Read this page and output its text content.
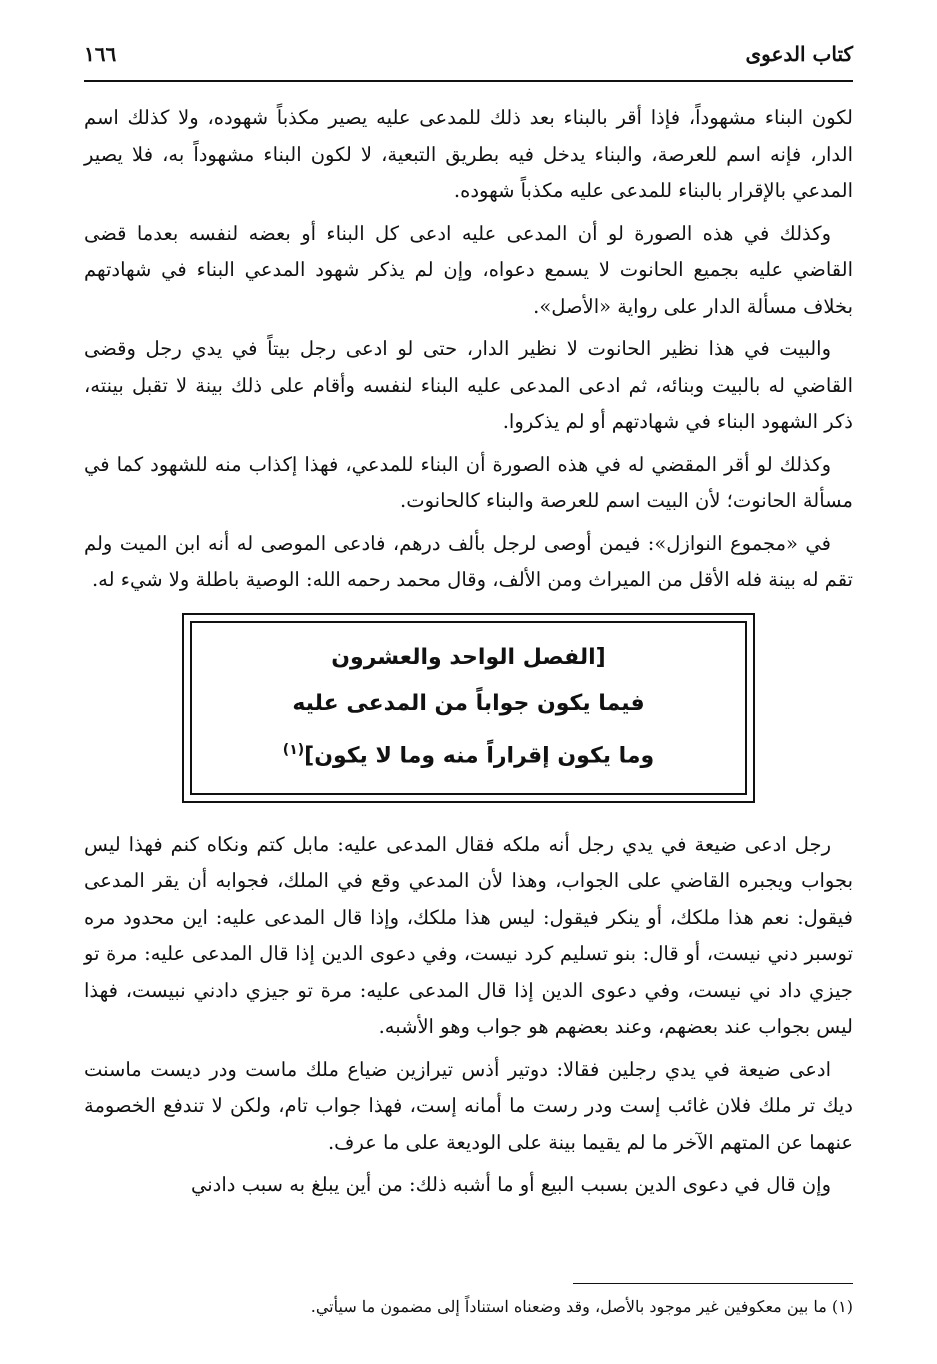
كتاب الدعوى
١٦٦

لكون البناء مشهوداً، فإذا أقر بالبناء بعد ذلك للمدعى عليه يصير مكذباً شهوده، ولا كذلك اسم الدار، فإنه اسم للعرصة، والبناء يدخل فيه بطريق التبعية، لا لكون البناء مشهوداً به، فلا يصير المدعي بالإقرار بالبناء للمدعى عليه مكذباً شهوده.

وكذلك في هذه الصورة لو أن المدعى عليه ادعى كل البناء أو بعضه لنفسه بعدما قضى القاضي عليه بجميع الحانوت لا يسمع دعواه، وإن لم يذكر شهود المدعي البناء في شهادتهم بخلاف مسألة الدار على رواية «الأصل».

والبيت في هذا نظير الحانوت لا نظير الدار، حتى لو ادعى رجل بيتاً في يدي رجل وقضى القاضي له بالبيت وبنائه، ثم ادعى المدعى عليه البناء لنفسه وأقام على ذلك بينة لا تقبل بينته، ذكر الشهود البناء في شهادتهم أو لم يذكروا.

وكذلك لو أقر المقضي له في هذه الصورة أن البناء للمدعي، فهذا إكذاب منه للشهود كما في مسألة الحانوت؛ لأن البيت اسم للعرصة والبناء كالحانوت.

في «مجموع النوازل»: فيمن أوصى لرجل بألف درهم، فادعى الموصى له أنه ابن الميت ولم تقم له بينة فله الأقل من الميراث ومن الألف، وقال محمد رحمه الله: الوصية باطلة ولا شيء له.

[الفصل الواحد والعشرون
فيما يكون جواباً من المدعى عليه
وما يكون إقراراً منه وما لا يكون]$^{(١)}$

رجل ادعى ضيعة في يدي رجل أنه ملكه فقال المدعى عليه: مابل كتم ونكاه كنم فهذا ليس بجواب ويجبره القاضي على الجواب، وهذا لأن المدعي وقع في الملك، فجوابه أن يقر المدعى فيقول: نعم هذا ملكك، أو ينكر فيقول: ليس هذا ملكك، وإذا قال المدعى عليه: اين محدود مره توسبر دني نيست، أو قال: بنو تسليم كرد نيست، وفي دعوى الدين إذا قال المدعى عليه: مرة تو جيزي داد ني نيست، وفي دعوى الدين إذا قال المدعى عليه: مرة تو جيزي دادني نبيست، فهذا ليس بجواب عند بعضهم، وعند بعضهم هو جواب وهو الأشبه.

ادعى ضيعة في يدي رجلين فقالا: دوتير أذس تيرازين ضياع ملك ماست ودر ديست ماسنت ديك تر ملك فلان غائب إست ودر رست ما أمانه إست، فهذا جواب تام، ولكن لا تندفع الخصومة عنهما عن المتهم الآخر ما لم يقيما بينة على الوديعة على ما عرف.

وإن قال في دعوى الدين بسبب البيع أو ما أشبه ذلك: من أين يبلغ به سبب دادني

(١) ما بين معكوفين غير موجود بالأصل، وقد وضعناه استناداً إلى مضمون ما سيأتي.
